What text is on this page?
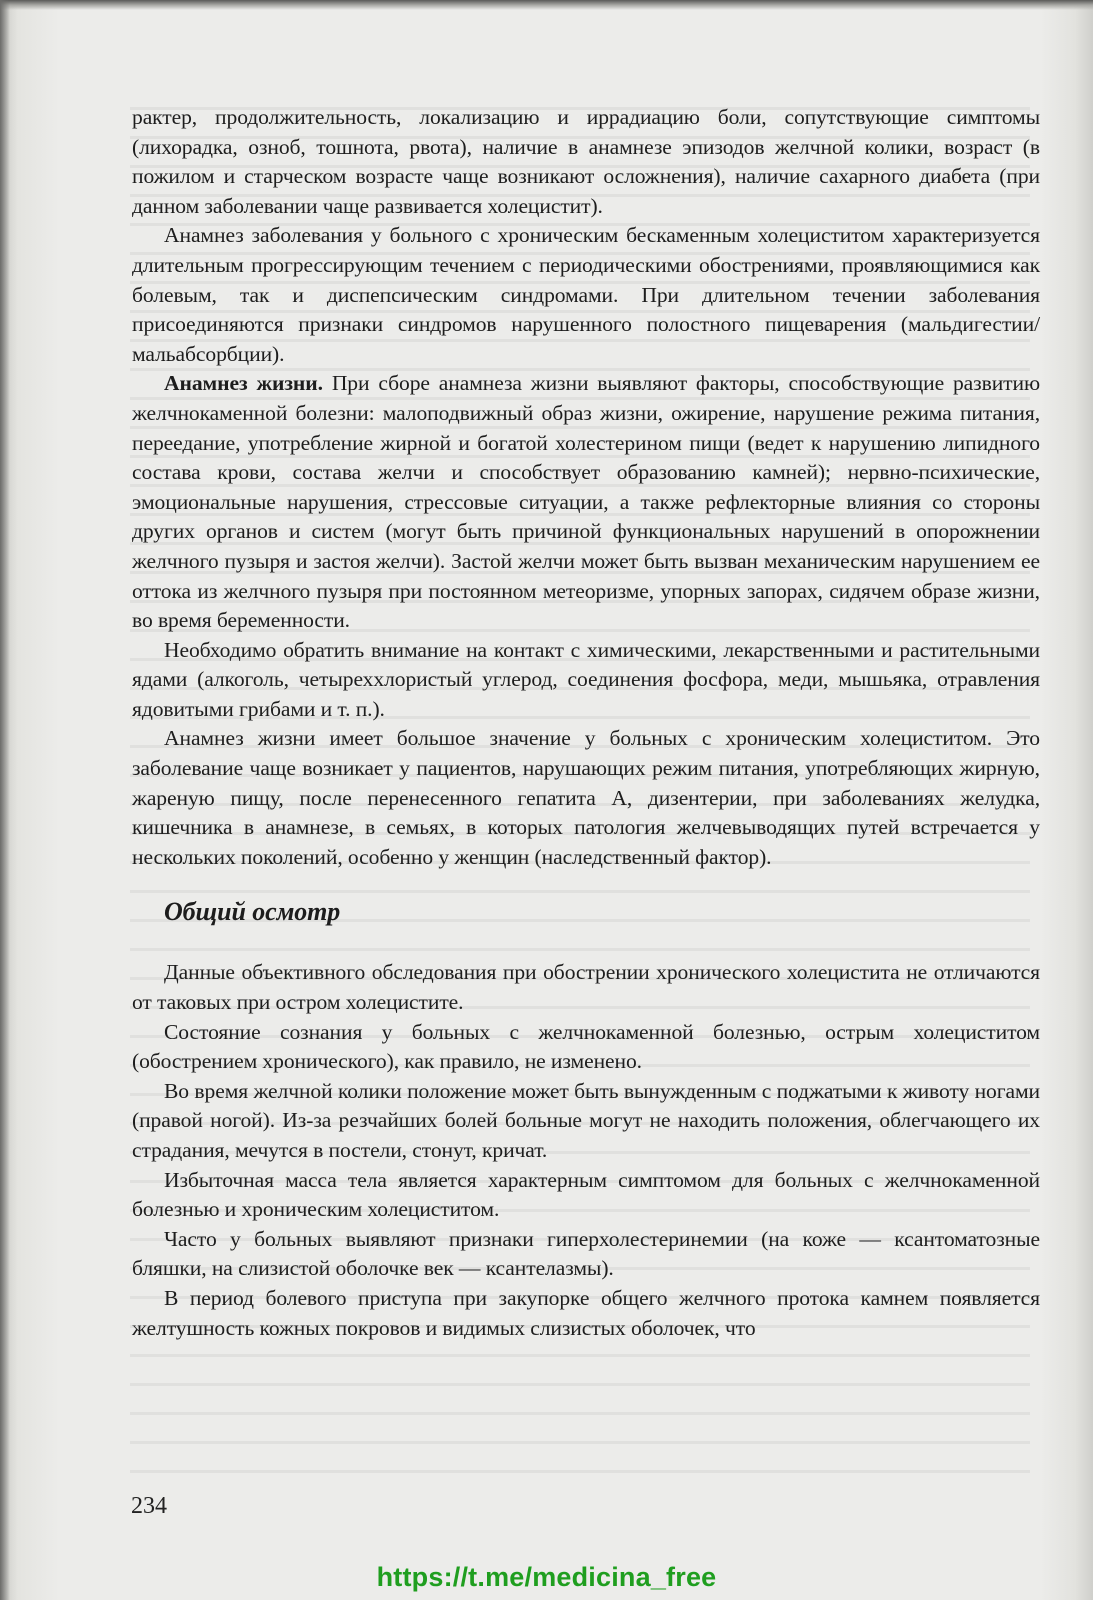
рактер, продолжительность, локализацию и иррадиацию боли, сопутствующие симптомы (лихорадка, озноб, тошнота, рвота), наличие в анамнезе эпизодов желчной колики, возраст (в пожилом и старческом возрасте чаще возникают осложнения), наличие сахарного диабета (при данном заболевании чаще развивается холецистит).

Анамнез заболевания у больного с хроническим бескаменным холециститом характеризуется длительным прогрессирующим течением с периодическими обострениями, проявляющимися как болевым, так и диспепсическим синдромами. При длительном течении заболевания присоединяются признаки синдромов нарушенного полостного пищеварения (мальдигестии/мальабсорбции).

Анамнез жизни. При сборе анамнеза жизни выявляют факторы, способствующие развитию желчнокаменной болезни: малоподвижный образ жизни, ожирение, нарушение режима питания, переедание, употребление жирной и богатой холестерином пищи (ведет к нарушению липидного состава крови, состава желчи и способствует образованию камней); нервно-психические, эмоциональные нарушения, стрессовые ситуации, а также рефлекторные влияния со стороны других органов и систем (могут быть причиной функциональных нарушений в опорожнении желчного пузыря и застоя желчи). Застой желчи может быть вызван механическим нарушением ее оттока из желчного пузыря при постоянном метеоризме, упорных запорах, сидячем образе жизни, во время беременности.

Необходимо обратить внимание на контакт с химическими, лекарственными и растительными ядами (алкоголь, четыреххлористый углерод, соединения фосфора, меди, мышьяка, отравления ядовитыми грибами и т. п.).

Анамнез жизни имеет большое значение у больных с хроническим холециститом. Это заболевание чаще возникает у пациентов, нарушающих режим питания, употребляющих жирную, жареную пищу, после перенесенного гепатита А, дизентерии, при заболеваниях желудка, кишечника в анамнезе, в семьях, в которых патология желчевыводящих путей встречается у нескольких поколений, особенно у женщин (наследственный фактор).

Общий осмотр

Данные объективного обследования при обострении хронического холецистита не отличаются от таковых при остром холецистите.

Состояние сознания у больных с желчнокаменной болезнью, острым холециститом (обострением хронического), как правило, не изменено.

Во время желчной колики положение может быть вынужденным с поджатыми к животу ногами (правой ногой). Из-за резчайших болей больные могут не находить положения, облегчающего их страдания, мечутся в постели, стонут, кричат.

Избыточная масса тела является характерным симптомом для больных с желчнокаменной болезнью и хроническим холециститом.

Часто у больных выявляют признаки гиперхолестеринемии (на коже — ксантоматозные бляшки, на слизистой оболочке век — ксантелазмы).

В период болевого приступа при закупорке общего желчного протока камнем появляется желтушность кожных покровов и видимых слизистых оболочек, что

234
https://t.me/medicina_free
